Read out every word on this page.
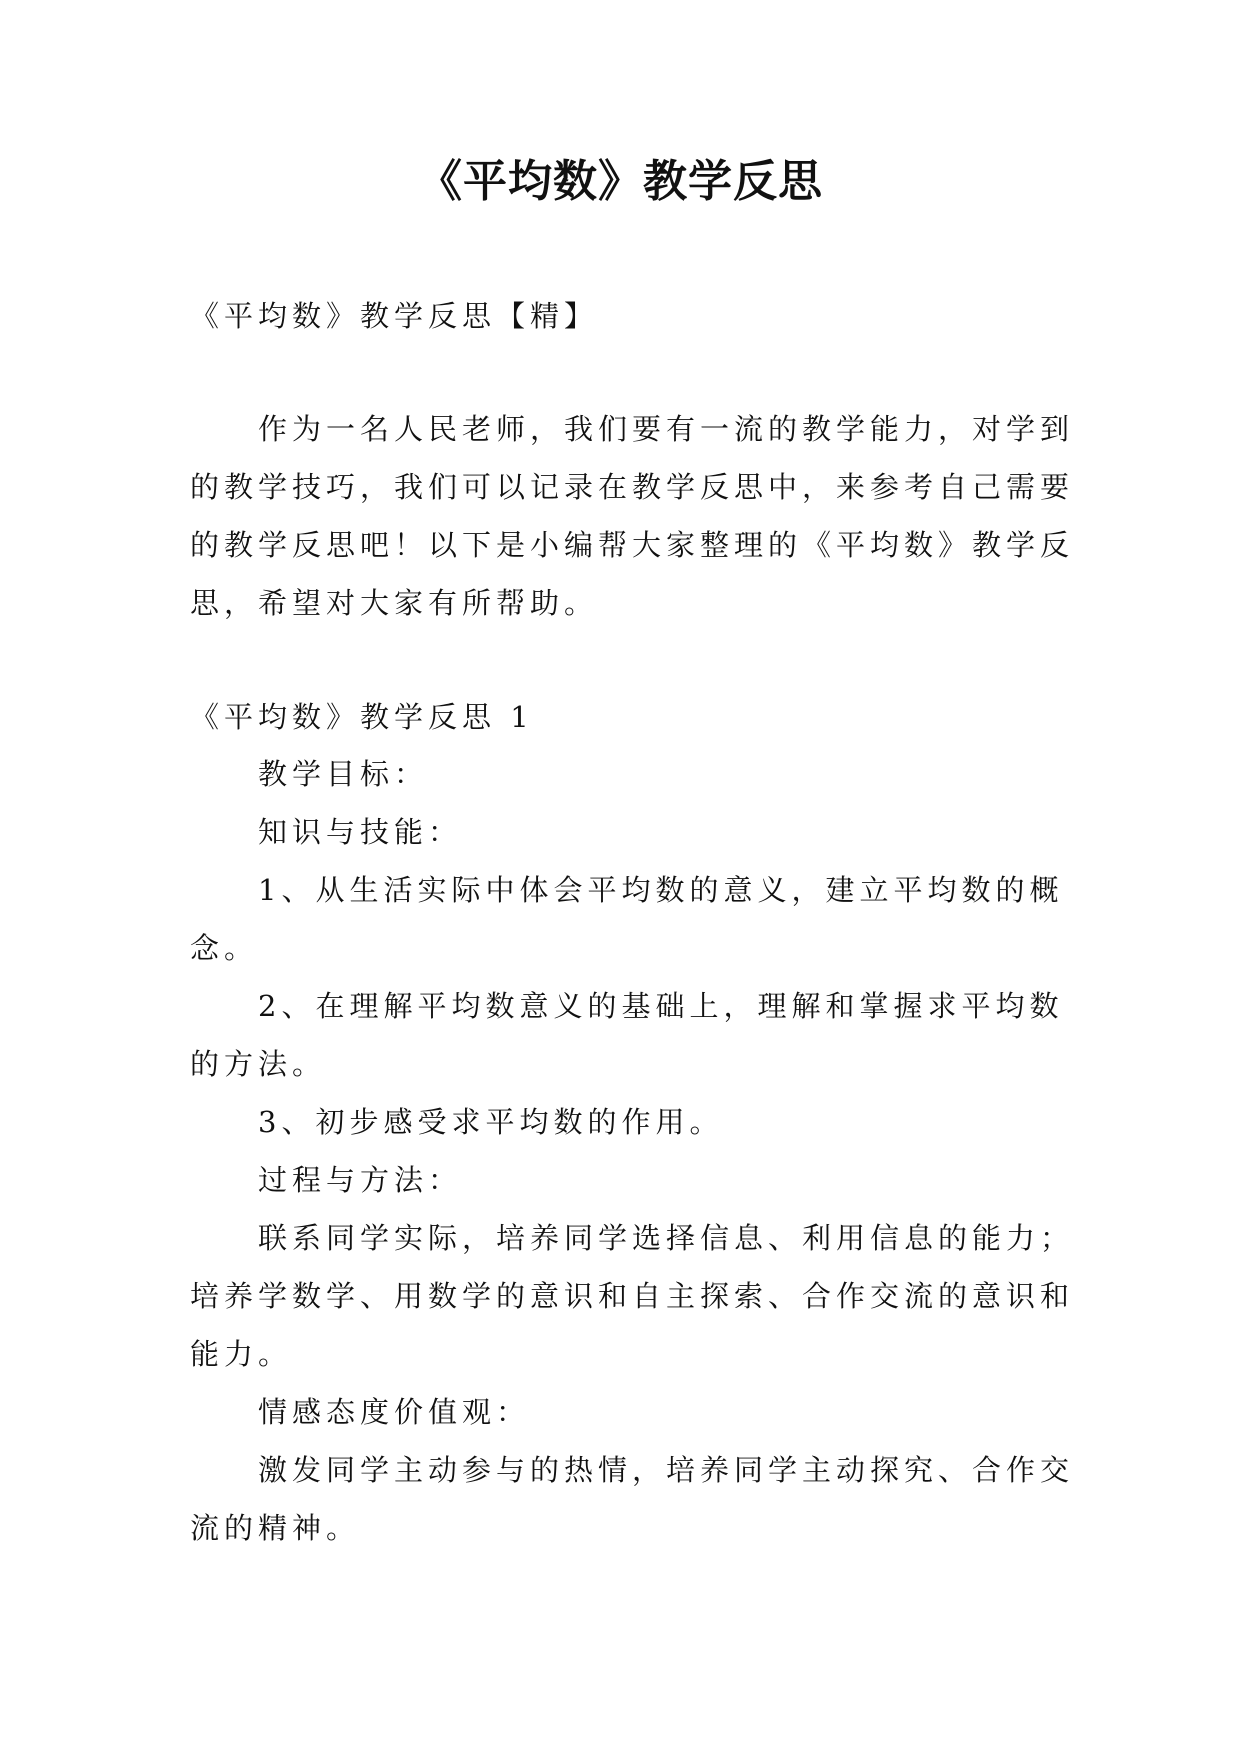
《平均数》教学反思
《平均数》教学反思【精】
作为一名人民老师，我们要有一流的教学能力，对学到
的教学技巧，我们可以记录在教学反思中，来参考自己需要
的教学反思吧！以下是小编帮大家整理的《平均数》教学反
思，希望对大家有所帮助。
《平均数》教学反思 1
教学目标：
知识与技能：
1、从生活实际中体会平均数的意义，建立平均数的概
念。
2、在理解平均数意义的基础上，理解和掌握求平均数
的方法。
3、初步感受求平均数的作用。
过程与方法：
联系同学实际，培养同学选择信息、利用信息的能力；
培养学数学、用数学的意识和自主探索、合作交流的意识和
能力。
情感态度价值观：
激发同学主动参与的热情，培养同学主动探究、合作交
流的精神。
